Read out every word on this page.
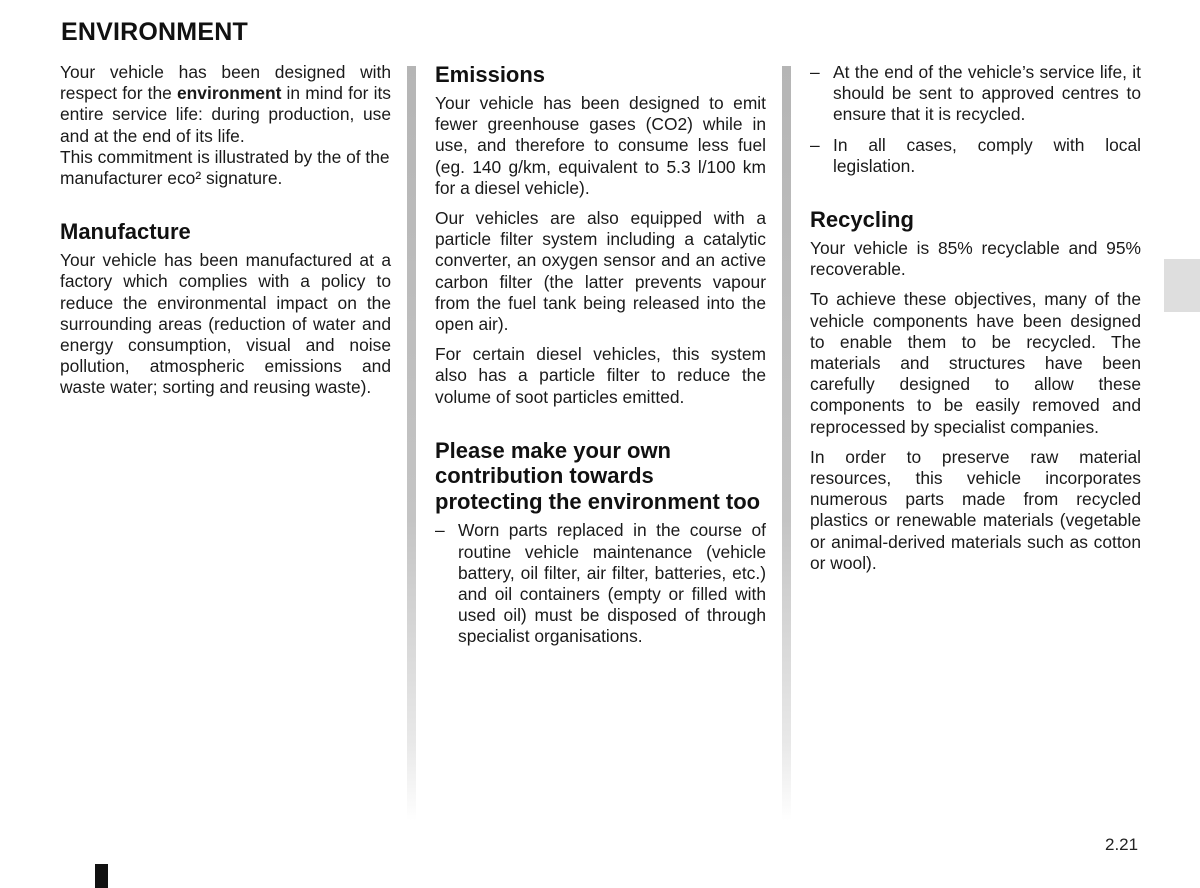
ENVIRONMENT

Your vehicle has been designed with respect for the environment in mind for its entire service life: during production, use and at the end of its life.

This commitment is illustrated by the of the manufacturer eco² signature.

Manufacture

Your vehicle has been manufactured at a factory which complies with a policy to reduce the environmental impact on the surrounding areas (reduction of water and energy consumption, visual and noise pollution, atmospheric emissions and waste water; sorting and reusing waste).

Emissions

Your vehicle has been designed to emit fewer greenhouse gases (CO2) while in use, and therefore to consume less fuel (eg. 140 g/km, equivalent to 5.3 l/100 km for a diesel vehicle).

Our vehicles are also equipped with a particle filter system including a catalytic converter, an oxygen sensor and an active carbon filter (the latter prevents vapour from the fuel tank being released into the open air).

For certain diesel vehicles, this system also has a particle filter to reduce the volume of soot particles emitted.

Please make your own contribution towards protecting the environment too
– Worn parts replaced in the course of routine vehicle maintenance (vehicle battery, oil filter, air filter, batteries, etc.) and oil containers (empty or filled with used oil) must be disposed of through specialist organisations.
– At the end of the vehicle’s service life, it should be sent to approved centres to ensure that it is recycled.
– In all cases, comply with local legislation.
Recycling

Your vehicle is 85% recyclable and 95% recoverable.

To achieve these objectives, many of the vehicle components have been designed to enable them to be recycled. The materials and structures have been carefully designed to allow these components to be easily removed and reprocessed by specialist companies.

In order to preserve raw material resources, this vehicle incorporates numerous parts made from recycled plastics or renewable materials (vegetable or animal-derived materials such as cotton or wool).

2.21
